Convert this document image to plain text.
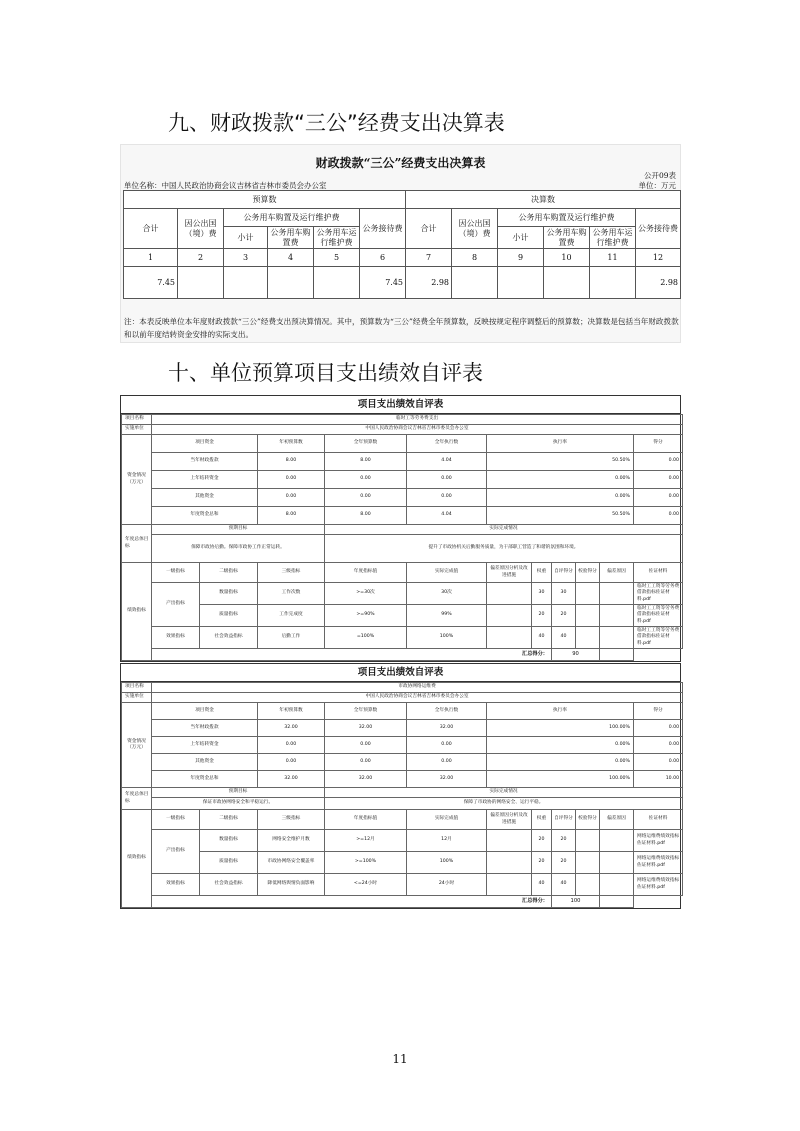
九、财政拨款“三公”经费支出决算表
财政拨款“三公”经费支出决算表
公开09表
单位名称：中国人民政治协商会议吉林省吉林市委员会办公室	单位：万元
预算数						决算数					
合计	因公出国（境）费	公务用车购置及运行维护费			公务接待费	合计	因公出国（境）费	公务用车购置及运行维护费			公务接待费
		小计	公务用车购置费	公务用车运行维护费				小计	公务用车购置费	公务用车运行维护费	
1	2	3	4	5	6	7	8	9	10	11	12
7.45					7.45	2.98					2.98
注：本表反映单位本年度财政拨款“三公”经费支出预决算情况。其中，预算数为“三公”经费全年预算数，反映按规定程序调整后的预算数；决算数是包括当年财政拨款和以前年度结转资金安排的实际支出。
十、单位预算项目支出绩效自评表
项目支出绩效自评表
项目名称	临时工等劳务费支出										
实施单位	中国人民政治协商会议吉林省吉林市委员会办公室										
资金情况（万元）	项目资金		年初预算数	全年预算数	全年执行数	执行率					得分
	当年财政拨款		8.00	8.00	4.04	50.50%					0.00
	上年结转资金		0.00	0.00	0.00	0.00%					0.00
	其他资金		0.00	0.00	0.00	0.00%					0.00
	年度资金总和		8.00	8.00	4.04	50.50%					0.00
年度总体目标	预期目标			实际完成情况							
	保障市政协后勤。保障市政协工作正常运转。			提升了市政协机关后勤服务质量，为干部职工营造了和谐的氛围和环境。							
绩效指标	一级指标	二级指标	三级指标	年度指标值	实际完成值	偏差原因分析及改进措施	权重	自评得分	校验得分	偏差原因	佐证材料
	产出指标	数量指标	工作次数	>=30次	30次		30	30			临时工工资等劳务费借款指标佐证材料.pdf
		质量指标	工作完成度	>=90%	99%		20	20			临时工工资等劳务费借款指标佐证材料.pdf
	效果指标	社会效益指标	后勤工作	=100%	100%		40	40			临时工工资等劳务费借款指标佐证材料.pdf
	汇总得分：							90			
项目支出绩效自评表
项目名称	市政协网络运维费										
实施单位	中国人民政治协商会议吉林省吉林市委员会办公室										
资金情况（万元）	项目资金		年初预算数	全年预算数	全年执行数	执行率					得分
	当年财政拨款		32.00	32.00	32.00	100.00%					0.00
	上年结转资金		0.00	0.00	0.00	0.00%					0.00
	其他资金		0.00	0.00	0.00	0.00%					0.00
	年度资金总和		32.00	32.00	32.00	100.00%					10.00
年度总体目标	预期目标			实际完成情况							
	保证市政协网络安全和平稳运行。			保障了市政协的网络安全、运行平稳。							
绩效指标	一级指标	二级指标	三级指标	年度指标值	实际完成值	偏差原因分析及改进措施	权重	自评得分	校验得分	偏差原因	佐证材料
	产出指标	数量指标	网络安全维护月数	>=12月	12月		20	20			网络运维费绩效指标佐证材料.pdf
		质量指标	市政协网络安全覆盖率	>=100%	100%		20	20			网络运维费绩效指标佐证材料.pdf
	效果指标	社会效益指标	降低网络舆情负面影响	<=24小时	24小时		40	40			网络运维费绩效指标佐证材料.pdf
	汇总得分：							100			
11
